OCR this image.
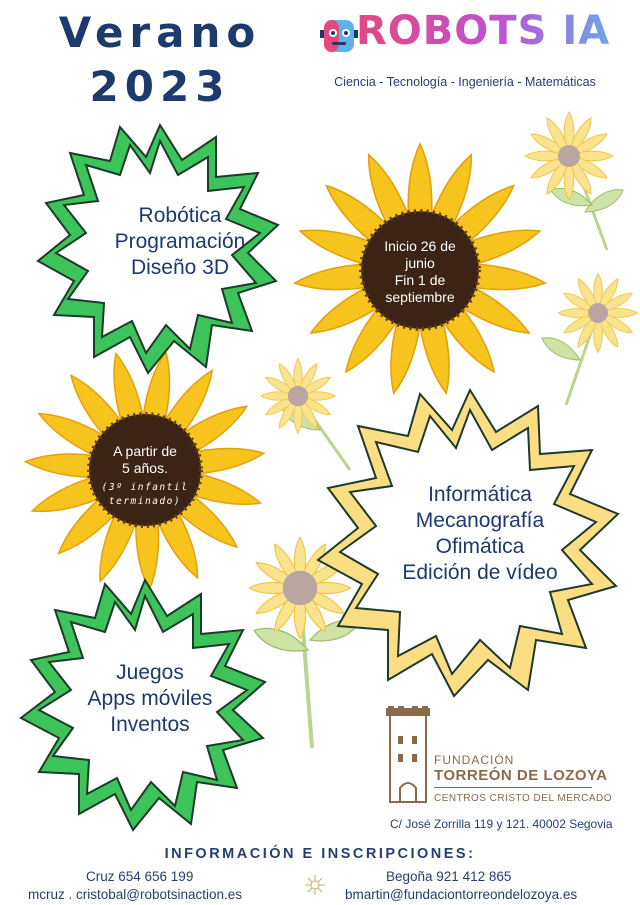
Verano
2023
ROBOTS IA
Ciencia - Tecnología - Ingeniería - Matemáticas
Robótica
Programación
Diseño 3D
Informática
Mecanografía
Ofimática
Edición de vídeo
Juegos
Apps móviles
Inventos
Inicio 26 de
junio
Fin 1 de
septiembre
A partir de
5 años.
(3º infantil
terminado)
FUNDACIÓN
TORREÓN DE LOZOYA
CENTROS CRISTO DEL MERCADO
C/ José Zorrilla 119 y 121. 40002 Segovia
INFORMACIÓN E INSCRIPCIONES:
Cruz 654 656 199
mcruz . cristobal@robotsinaction.es
Begoña 921 412 865
bmartin@fundaciontorreondelozoya.es
